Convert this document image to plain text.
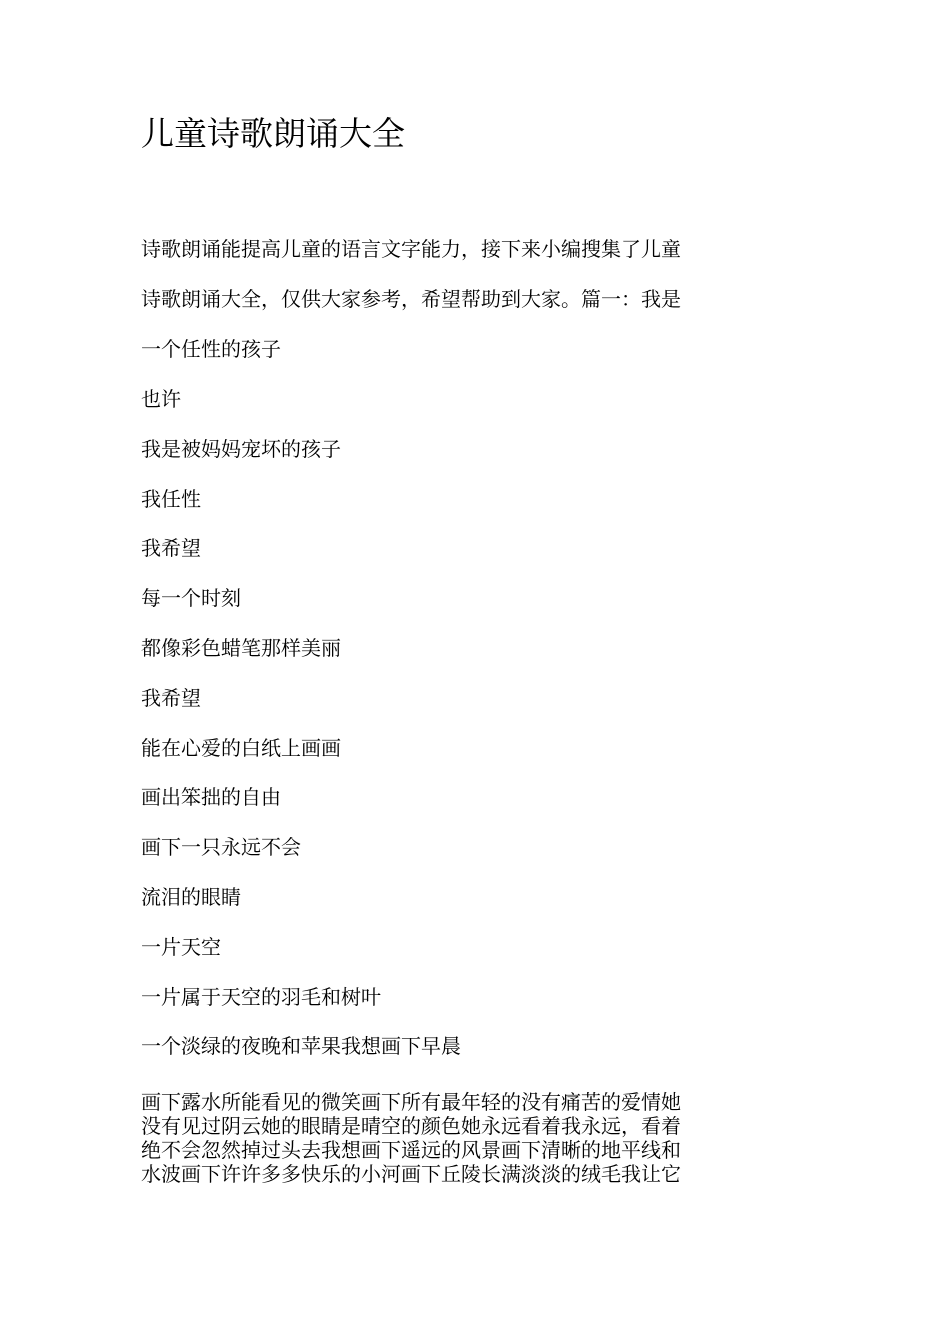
儿童诗歌朗诵大全

诗歌朗诵能提高儿童的语言文字能力，接下来小编搜集了儿童

诗歌朗诵大全，仅供大家参考，希望帮助到大家。篇一：我是

一个任性的孩子

也许

我是被妈妈宠坏的孩子

我任性

我希望

每一个时刻

都像彩色蜡笔那样美丽

我希望

能在心爱的白纸上画画

画出笨拙的自由

画下一只永远不会

流泪的眼睛

一片天空

一片属于天空的羽毛和树叶

一个淡绿的夜晚和苹果我想画下早晨

画下露水所能看见的微笑画下所有最年轻的没有痛苦的爱情她
没有见过阴云她的眼睛是晴空的颜色她永远看着我永远，看着
绝不会忽然掉过头去我想画下遥远的风景画下清晰的地平线和
水波画下许许多多快乐的小河画下丘陵长满淡淡的绒毛我让它
